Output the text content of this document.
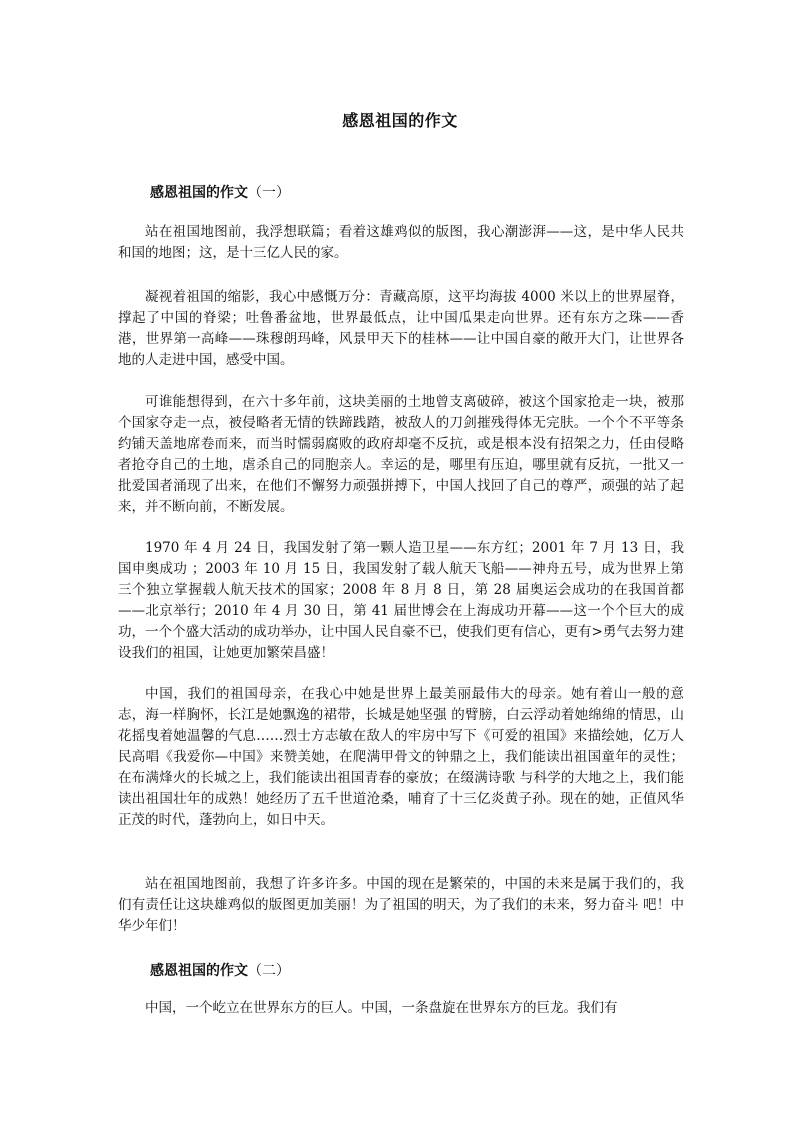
感恩祖国的作文
感恩祖国的作文（一）

站在祖国地图前，我浮想联篇；看着这雄鸡似的版图，我心潮澎湃——这，是中华人民共和国的地图；这，是十三亿人民的家。

凝视着祖国的缩影，我心中感慨万分：青藏高原，这平均海拔 4000 米以上的世界屋脊，撑起了中国的脊梁；吐鲁番盆地，世界最低点，让中国瓜果走向世界。还有东方之珠——香港，世界第一高峰——珠穆朗玛峰，风景甲天下的桂林——让中国自豪的敞开大门，让世界各地的人走进中国，感受中国。

可谁能想得到，在六十多年前，这块美丽的土地曾支离破碎，被这个国家抢走一块，被那个国家夺走一点，被侵略者无情的铁蹄践踏，被敌人的刀剑摧残得体无完肤。一个个不平等条约铺天盖地席卷而来，而当时懦弱腐败的政府却毫不反抗，或是根本没有招架之力，任由侵略者抢夺自己的土地，虐杀自己的同胞亲人。幸运的是，哪里有压迫，哪里就有反抗，一批又一批爱国者涌现了出来，在他们不懈努力顽强拼搏下，中国人找回了自己的尊严，顽强的站了起来，并不断向前，不断发展。

1970 年 4 月 24 日，我国发射了第一颗人造卫星——东方红；2001 年 7 月 13 日，我国申奥成功 ；2003 年 10 月 15 日，我国发射了载人航天飞船——神舟五号，成为世界上第三个独立掌握载人航天技术的国家；2008 年 8 月 8 日，第 28 届奥运会成功的在我国首都——北京举行；2010 年 4 月 30 日，第 41 届世博会在上海成功开幕——这一个个巨大的成功，一个个盛大活动的成功举办，让中国人民自豪不已，使我们更有信心，更有>勇气去努力建设我们的祖国，让她更加繁荣昌盛！

中国，我们的祖国母亲，在我心中她是世界上最美丽最伟大的母亲。她有着山一般的意志，海一样胸怀，长江是她飘逸的裙带，长城是她坚强 的臂膀，白云浮动着她绵绵的情思，山花摇曳着她温馨的气息……烈士方志敏在敌人的牢房中写下《可爱的祖国》来描绘她，亿万人民高唱《我爱你—中国》来赞美她，在爬满甲骨文的钟鼎之上，我们能读出祖国童年的灵性；在布满烽火的长城之上，我们能读出祖国青春的豪放；在缀满诗歌 与科学的大地之上，我们能读出祖国壮年的成熟！她经历了五千世道沧桑，哺育了十三亿炎黄子孙。现在的她，正值风华正茂的时代，蓬勃向上，如日中天。

站在祖国地图前，我想了许多许多。中国的现在是繁荣的，中国的未来是属于我们的，我们有责任让这块雄鸡似的版图更加美丽！为了祖国的明天，为了我们的未来，努力奋斗 吧！中华少年们！

感恩祖国的作文（二）

中国，一个屹立在世界东方的巨人。中国，一条盘旋在世界东方的巨龙。我们有
